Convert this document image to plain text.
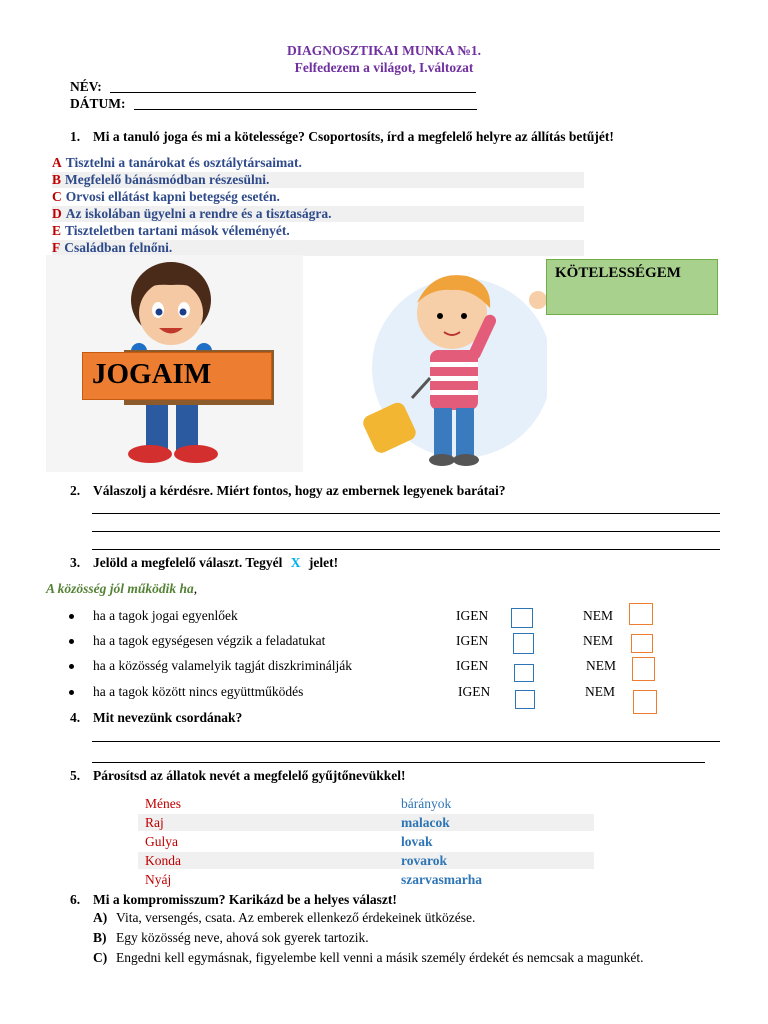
DIAGNOSZTIKAI MUNKA №1.
Felfedezem a világot, I.változat
NÉV:
DÁTUM:
1. Mi a tanuló joga és mi a kötelessége? Csoportosíts, írd a megfelelő helyre az állítás betűjét!
A Tisztelni a tanárokat és osztálytársaimat.
B Megfelelő bánásmódban részesülni.
C Orvosi ellátást kapni betegség esetén.
D Az iskolában ügyelni a rendre és a tisztaságra.
E Tiszteletben tartani mások véleményét.
F Családban felnőni.
JOGAIM
KÖTELESSÉGEM
2. Válaszolj a kérdésre. Miért fontos, hogy az embernek legyenek barátai?
3. Jelöld a megfelelő választ. Tegyél X jelet!
A közösség jól működik ha,
ha a tagok jogai egyenlőek	IGEN	NEM
ha a tagok egységesen végzik a feladatukat	IGEN	NEM
ha a közösség valamelyik tagját diszkriminálják	IGEN	NEM
ha a tagok között nincs együttműködés	IGEN	NEM
4. Mit nevezünk csordának?
5. Párosítsd az állatok nevét a megfelelő gyűjtőnevükkel!
Ménes	bárányok
Raj	malacok
Gulya	lovak
Konda	rovarok
Nyáj	szarvasmarha
6. Mi a kompromisszum? Karikázd be a helyes választ!
A) Vita, versengés, csata. Az emberek ellenkező érdekeinek ütközése.
B) Egy közösség neve, ahová sok gyerek tartozik.
C) Engedni kell egymásnak, figyelembe kell venni a másik személy érdekét és nemcsak a magunkét.
